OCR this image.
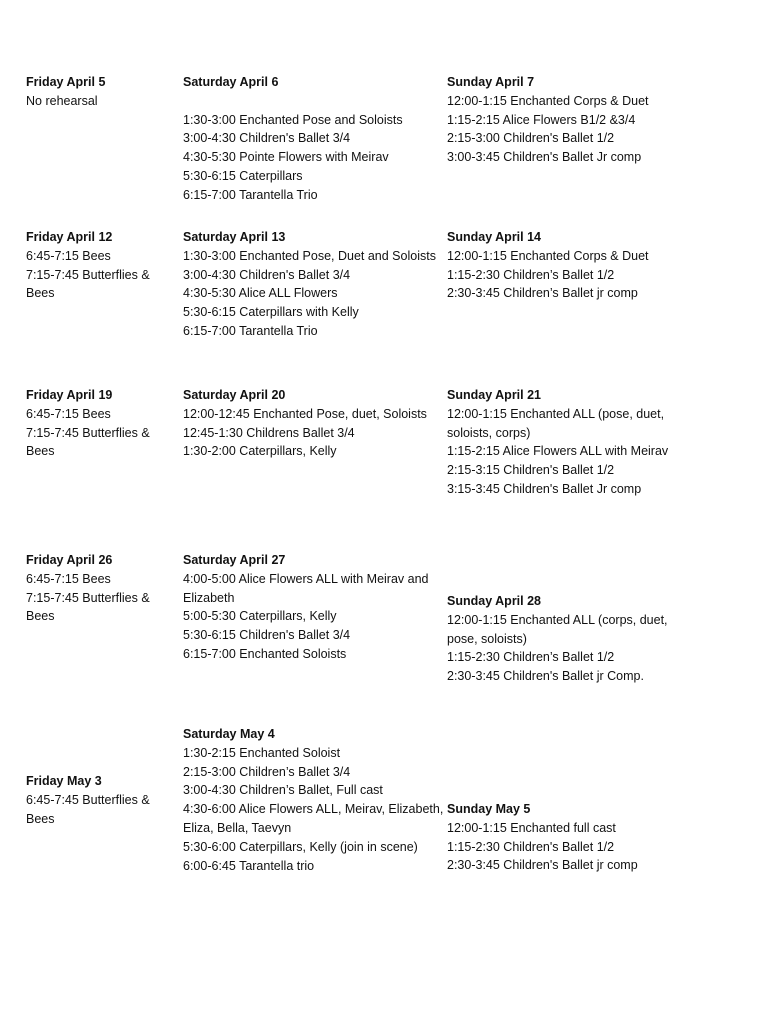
Friday April 5
No rehearsal
Saturday April 6
1:30-3:00 Enchanted Pose and Soloists
3:00-4:30 Children's Ballet 3/4
4:30-5:30 Pointe Flowers with Meirav
5:30-6:15 Caterpillars
6:15-7:00 Tarantella Trio
Sunday April 7
12:00-1:15 Enchanted Corps & Duet
1:15-2:15 Alice Flowers B1/2 &3/4
2:15-3:00 Children's Ballet 1/2
3:00-3:45 Children's Ballet Jr comp
Friday April 12
6:45-7:15 Bees
7:15-7:45 Butterflies & Bees
Saturday April 13
1:30-3:00 Enchanted Pose, Duet and Soloists
3:00-4:30 Children's Ballet 3/4
4:30-5:30 Alice ALL Flowers
5:30-6:15 Caterpillars with Kelly
6:15-7:00 Tarantella Trio
Sunday April 14
12:00-1:15 Enchanted Corps & Duet
1:15-2:30 Children’s Ballet 1/2
2:30-3:45 Children’s Ballet jr comp
Friday April 19
6:45-7:15 Bees
7:15-7:45 Butterflies & Bees
Saturday April 20
12:00-12:45 Enchanted Pose, duet, Soloists
12:45-1:30 Childrens Ballet 3/4
1:30-2:00 Caterpillars, Kelly
Sunday April 21
12:00-1:15 Enchanted ALL (pose, duet, soloists, corps)
1:15-2:15 Alice Flowers ALL with Meirav
2:15-3:15 Children's Ballet 1/2
3:15-3:45 Children's Ballet Jr comp
Friday April 26
6:45-7:15 Bees
7:15-7:45 Butterflies & Bees
Saturday April 27
4:00-5:00 Alice Flowers ALL with Meirav and Elizabeth
5:00-5:30 Caterpillars, Kelly
5:30-6:15 Children's Ballet 3/4
6:15-7:00 Enchanted Soloists
Sunday April 28
12:00-1:15 Enchanted ALL (corps, duet, pose, soloists)
1:15-2:30 Children’s Ballet 1/2
2:30-3:45 Children's Ballet jr Comp.
Friday May 3
6:45-7:45 Butterflies & Bees
Saturday May 4
1:30-2:15 Enchanted Soloist
2:15-3:00 Children’s Ballet 3/4
3:00-4:30 Children’s Ballet, Full cast
4:30-6:00 Alice Flowers ALL, Meirav, Elizabeth, Eliza, Bella, Taevyn
5:30-6:00 Caterpillars, Kelly (join in scene)
6:00-6:45 Tarantella trio
Sunday May 5
12:00-1:15 Enchanted full cast
1:15-2:30 Children's Ballet 1/2
2:30-3:45 Children's Ballet jr comp
